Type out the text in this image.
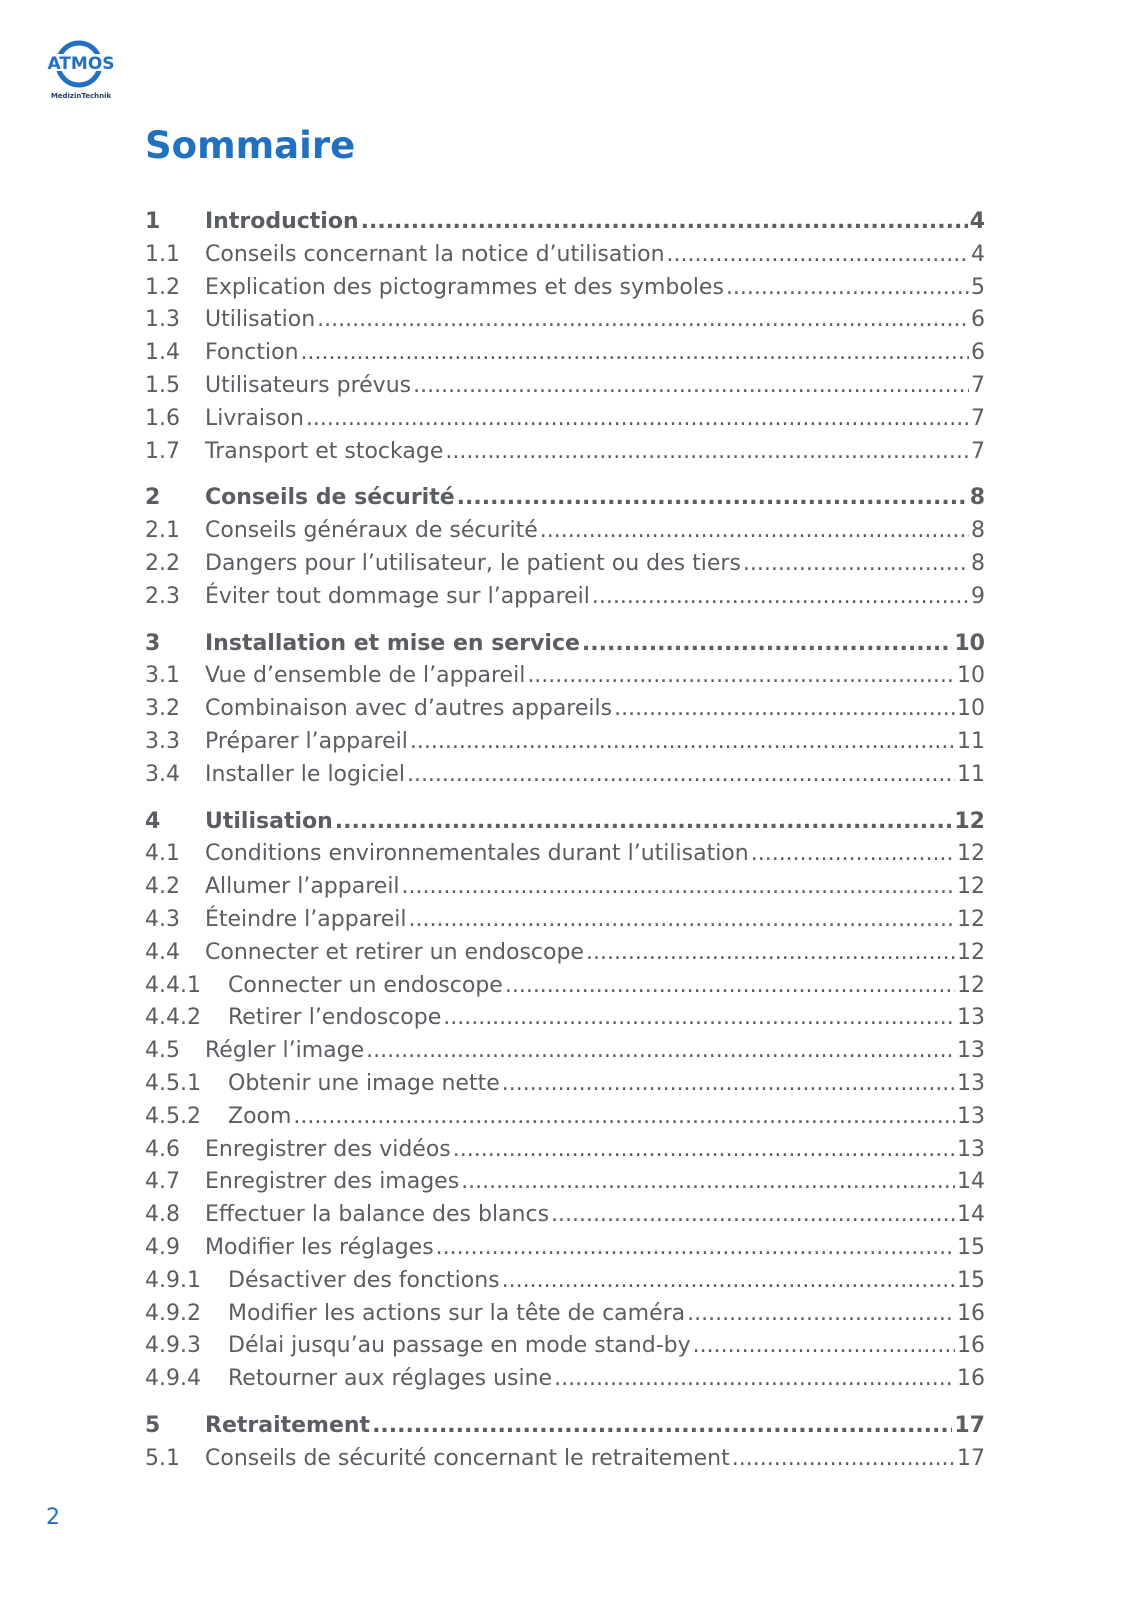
ATMOS
MedizinTechnik
Sommaire
1	Introduction .....	4
1.1	Conseils concernant la notice d’utilisation .....	4
1.2	Explication des pictogrammes et des symboles .....	5
1.3	Utilisation .....	6
1.4	Fonction .....	6
1.5	Utilisateurs prévus .....	7
1.6	Livraison .....	7
1.7	Transport et stockage .....	7
2	Conseils de sécurité .....	8
2.1	Conseils généraux de sécurité .....	8
2.2	Dangers pour l’utilisateur, le patient ou des tiers .....	8
2.3	Éviter tout dommage sur l’appareil .....	9
3	Installation et mise en service .....	10
3.1	Vue d’ensemble de l’appareil .....	10
3.2	Combinaison avec d’autres appareils .....	10
3.3	Préparer l’appareil .....	11
3.4	Installer le logiciel .....	11
4	Utilisation .....	12
4.1	Conditions environnementales durant l’utilisation .....	12
4.2	Allumer l’appareil .....	12
4.3	Éteindre l’appareil .....	12
4.4	Connecter et retirer un endoscope .....	12
4.4.1	Connecter un endoscope .....	12
4.4.2	Retirer l’endoscope .....	13
4.5	Régler l’image .....	13
4.5.1	Obtenir une image nette .....	13
4.5.2	Zoom .....	13
4.6	Enregistrer des vidéos .....	13
4.7	Enregistrer des images .....	14
4.8	Effectuer la balance des blancs .....	14
4.9	Modifier les réglages .....	15
4.9.1	Désactiver des fonctions .....	15
4.9.2	Modifier les actions sur la tête de caméra .....	16
4.9.3	Délai jusqu’au passage en mode stand-by .....	16
4.9.4	Retourner aux réglages usine .....	16
5	Retraitement .....	17
5.1	Conseils de sécurité concernant le retraitement .....	17
2
